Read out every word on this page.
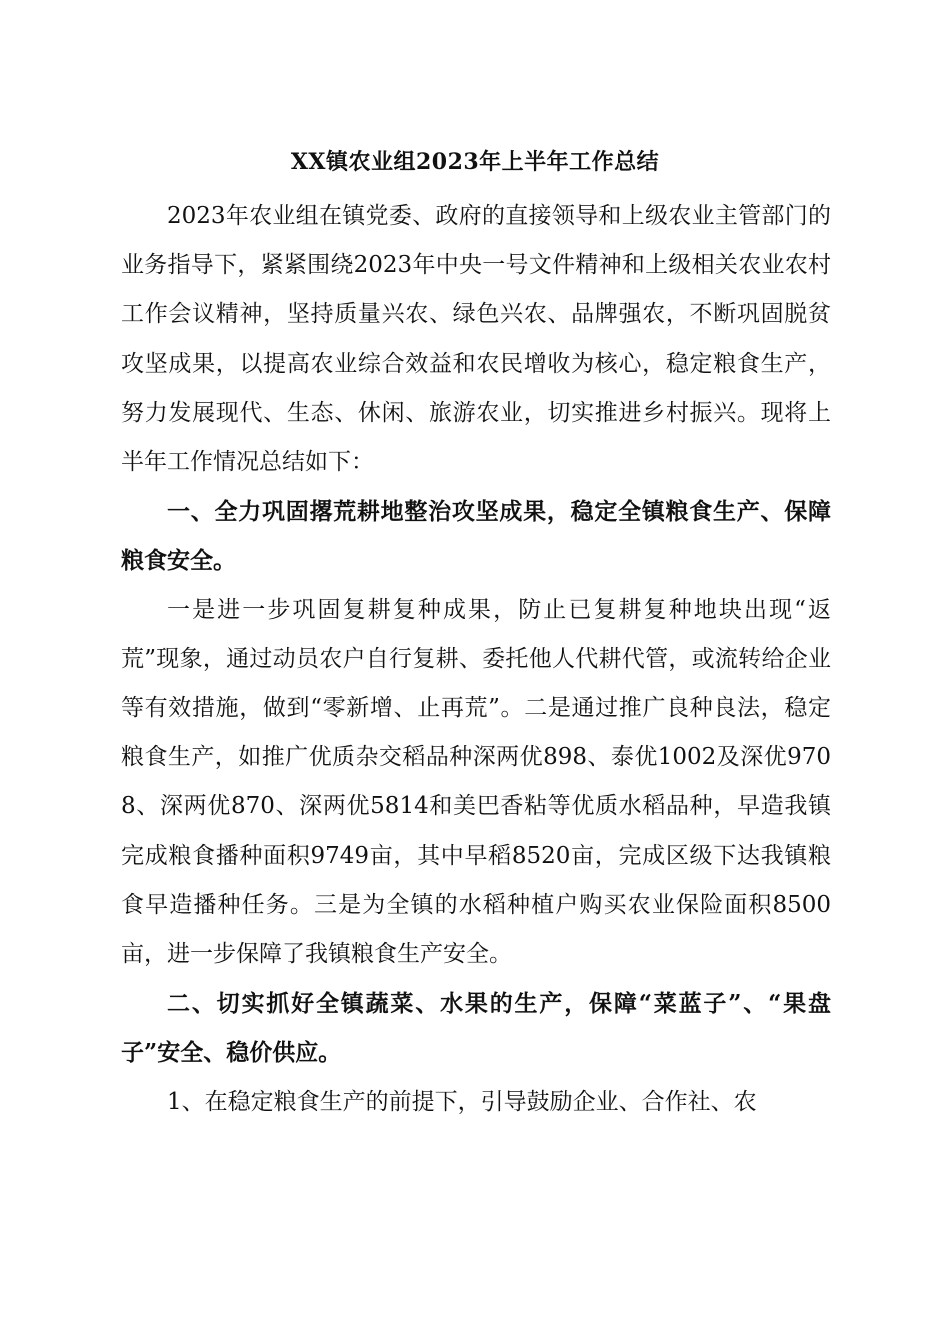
XX镇农业组2023年上半年工作总结

2023年农业组在镇党委、政府的直接领导和上级农业主管部门的业务指导下，紧紧围绕2023年中央一号文件精神和上级相关农业农村工作会议精神，坚持质量兴农、绿色兴农、品牌强农，不断巩固脱贫攻坚成果，以提高农业综合效益和农民增收为核心，稳定粮食生产，努力发展现代、生态、休闲、旅游农业，切实推进乡村振兴。现将上半年工作情况总结如下：

一、全力巩固撂荒耕地整治攻坚成果，稳定全镇粮食生产、保障粮食安全。

一是进一步巩固复耕复种成果，防止已复耕复种地块出现“返荒”现象，通过动员农户自行复耕、委托他人代耕代管，或流转给企业等有效措施，做到“零新增、止再荒”。二是通过推广良种良法，稳定粮食生产，如推广优质杂交稻品种深两优898、泰优1002及深优9708、深两优870、深两优5814和美巴香粘等优质水稻品种，早造我镇完成粮食播种面积9749亩，其中早稻8520亩，完成区级下达我镇粮食早造播种任务。三是为全镇的水稻种植户购买农业保险面积8500亩，进一步保障了我镇粮食生产安全。

二、切实抓好全镇蔬菜、水果的生产，保障“菜蓝子”、“果盘子”安全、稳价供应。

1、在稳定粮食生产的前提下，引导鼓励企业、合作社、农
